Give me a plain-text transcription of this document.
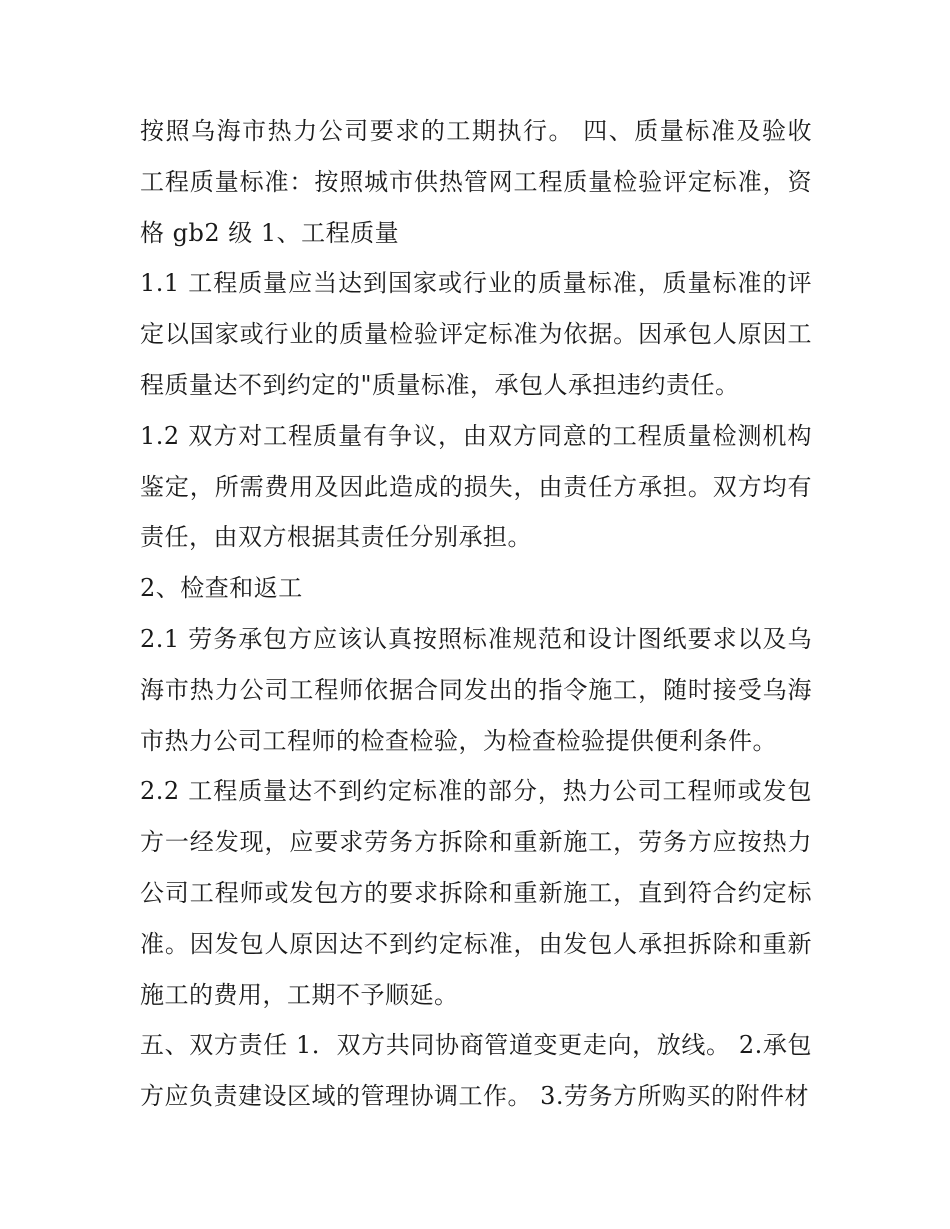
按照乌海市热力公司要求的工期执行。 四、质量标准及验收 工程质量标准：按照城市供热管网工程质量检验评定标准，资格 gb2 级 1、工程质量

1.1 工程质量应当达到国家或行业的质量标准，质量标准的评定以国家或行业的质量检验评定标准为依据。因承包人原因工程质量达不到约定的"质量标准，承包人承担违约责任。

1.2 双方对工程质量有争议，由双方同意的工程质量检测机构鉴定，所需费用及因此造成的损失，由责任方承担。双方均有责任，由双方根据其责任分别承担。

2、检查和返工

2.1 劳务承包方应该认真按照标准规范和设计图纸要求以及乌海市热力公司工程师依据合同发出的指令施工，随时接受乌海市热力公司工程师的检查检验，为检查检验提供便利条件。

2.2 工程质量达不到约定标准的部分，热力公司工程师或发包方一经发现，应要求劳务方拆除和重新施工，劳务方应按热力公司工程师或发包方的要求拆除和重新施工，直到符合约定标准。因发包人原因达不到约定标准，由发包人承担拆除和重新施工的费用，工期不予顺延。

五、双方责任 1．双方共同协商管道变更走向，放线。 2.承包方应负责建设区域的管理协调工作。 3.劳务方所购买的附件材
